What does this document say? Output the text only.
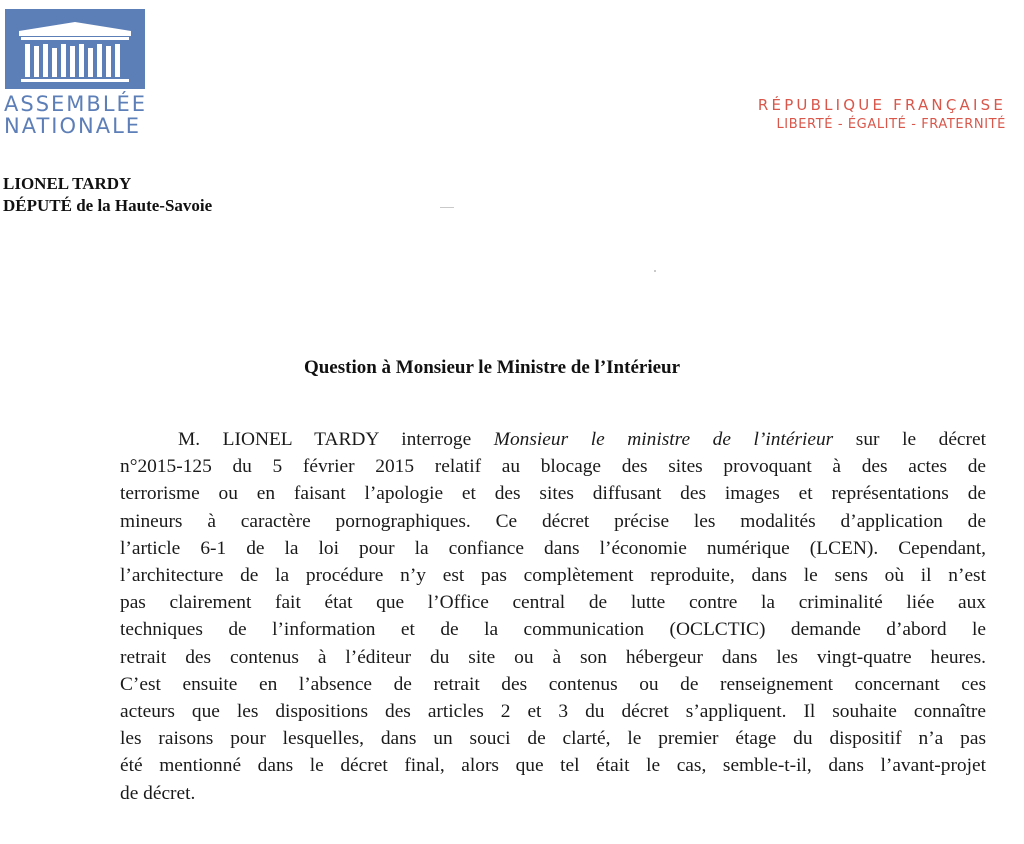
ASSEMBLÉE
NATIONALE
RÉPUBLIQUE FRANÇAISE
LIBERTÉ - ÉGALITÉ - FRATERNITÉ
LIONEL TARDY
DÉPUTÉ de la Haute-Savoie
Question à Monsieur le Ministre de l’Intérieur
M. LIONEL TARDY interroge Monsieur le ministre de l’intérieur sur le décret
n°2015-125 du 5 février 2015 relatif au blocage des sites provoquant à des actes de
terrorisme ou en faisant l’apologie et des sites diffusant des images et représentations de
mineurs à caractère pornographiques. Ce décret précise les modalités d’application de
l’article 6-1 de la loi pour la confiance dans l’économie numérique (LCEN). Cependant,
l’architecture de la procédure n’y est pas complètement reproduite, dans le sens où il n’est
pas clairement fait état que l’Office central de lutte contre la criminalité liée aux
techniques de l’information et de la communication (OCLCTIC) demande d’abord le
retrait des contenus à l’éditeur du site ou à son hébergeur dans les vingt-quatre heures.
C’est ensuite en l’absence de retrait des contenus ou de renseignement concernant ces
acteurs que les dispositions des articles 2 et 3 du décret s’appliquent. Il souhaite connaître
les raisons pour lesquelles, dans un souci de clarté, le premier étage du dispositif n’a pas
été mentionné dans le décret final, alors que tel était le cas, semble-t-il, dans l’avant-projet
de décret.
